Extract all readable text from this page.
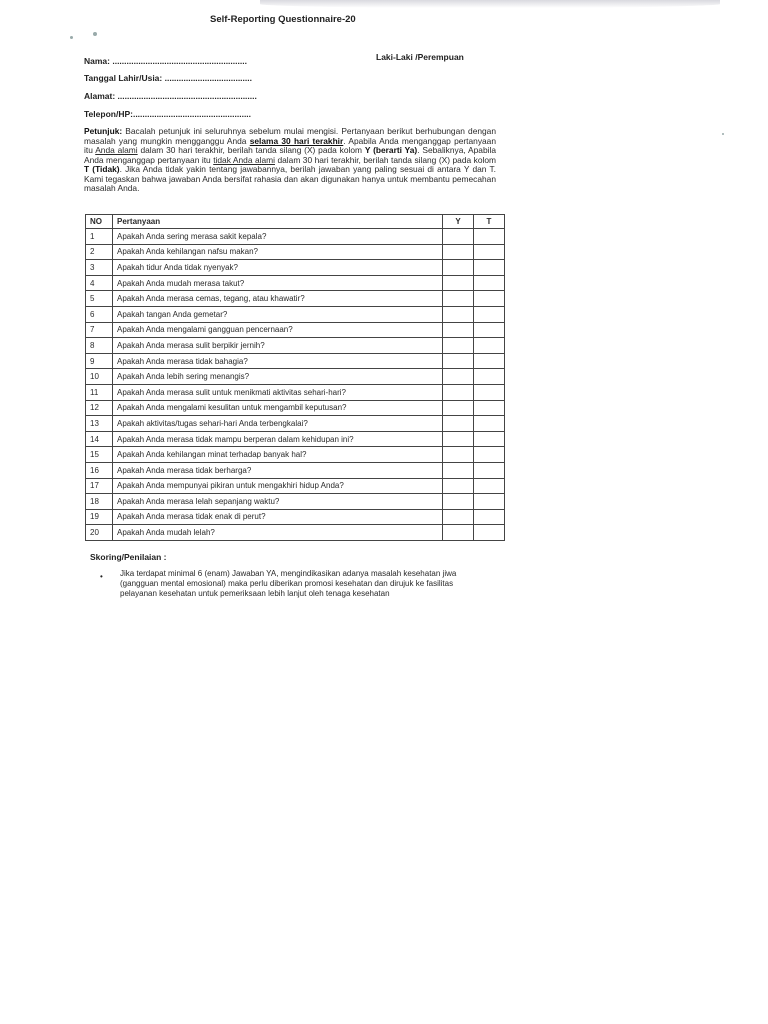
Self-Reporting Questionnaire-20
Nama: .........................................................	Laki-Laki /Perempuan
Tanggal Lahir/Usia: .....................................
Alamat: ...........................................................
Telepon/HP:..................................................
Petunjuk: Bacalah petunjuk ini seluruhnya sebelum mulai mengisi. Pertanyaan berikut berhubungan dengan masalah yang mungkin mengganggu Anda selama 30 hari terakhir. Apabila Anda menganggap pertanyaan itu Anda alami dalam 30 hari terakhir, berilah tanda silang (X) pada kolom Y (berarti Ya). Sebaliknya, Apabila Anda menganggap pertanyaan itu tidak Anda alami dalam 30 hari terakhir, berilah tanda silang (X) pada kolom T (Tidak). Jika Anda tidak yakin tentang jawabannya, berilah jawaban yang paling sesuai di antara Y dan T. Kami tegaskan bahwa jawaban Anda bersifat rahasia dan akan digunakan hanya untuk membantu pemecahan masalah Anda.
NO	Pertanyaan	Y	T
1	Apakah Anda sering merasa sakit kepala?		
2	Apakah Anda kehilangan nafsu makan?		
3	Apakah tidur Anda tidak nyenyak?		
4	Apakah Anda mudah merasa takut?		
5	Apakah Anda merasa cemas, tegang, atau khawatir?		
6	Apakah tangan Anda gemetar?		
7	Apakah Anda mengalami gangguan pencernaan?		
8	Apakah Anda merasa sulit berpikir jernih?		
9	Apakah Anda merasa tidak bahagia?		
10	Apakah Anda lebih sering menangis?		
11	Apakah Anda merasa sulit untuk menikmati aktivitas sehari-hari?		
12	Apakah Anda mengalami kesulitan untuk mengambil keputusan?		
13	Apakah aktivitas/tugas sehari-hari Anda terbengkalai?		
14	Apakah Anda merasa tidak mampu berperan dalam kehidupan ini?		
15	Apakah Anda kehilangan minat terhadap banyak hal?		
16	Apakah Anda merasa tidak berharga?		
17	Apakah Anda mempunyai pikiran untuk mengakhiri hidup Anda?		
18	Apakah Anda merasa lelah sepanjang waktu?		
19	Apakah Anda merasa tidak enak di perut?		
20	Apakah Anda mudah lelah?		
Skoring/Penilaian :
• Jika terdapat minimal 6 (enam) Jawaban YA, mengindikasikan adanya masalah kesehatan jiwa (gangguan mental emosional) maka perlu diberikan promosi kesehatan dan dirujuk ke fasilitas pelayanan kesehatan untuk pemeriksaan lebih lanjut oleh tenaga kesehatan
